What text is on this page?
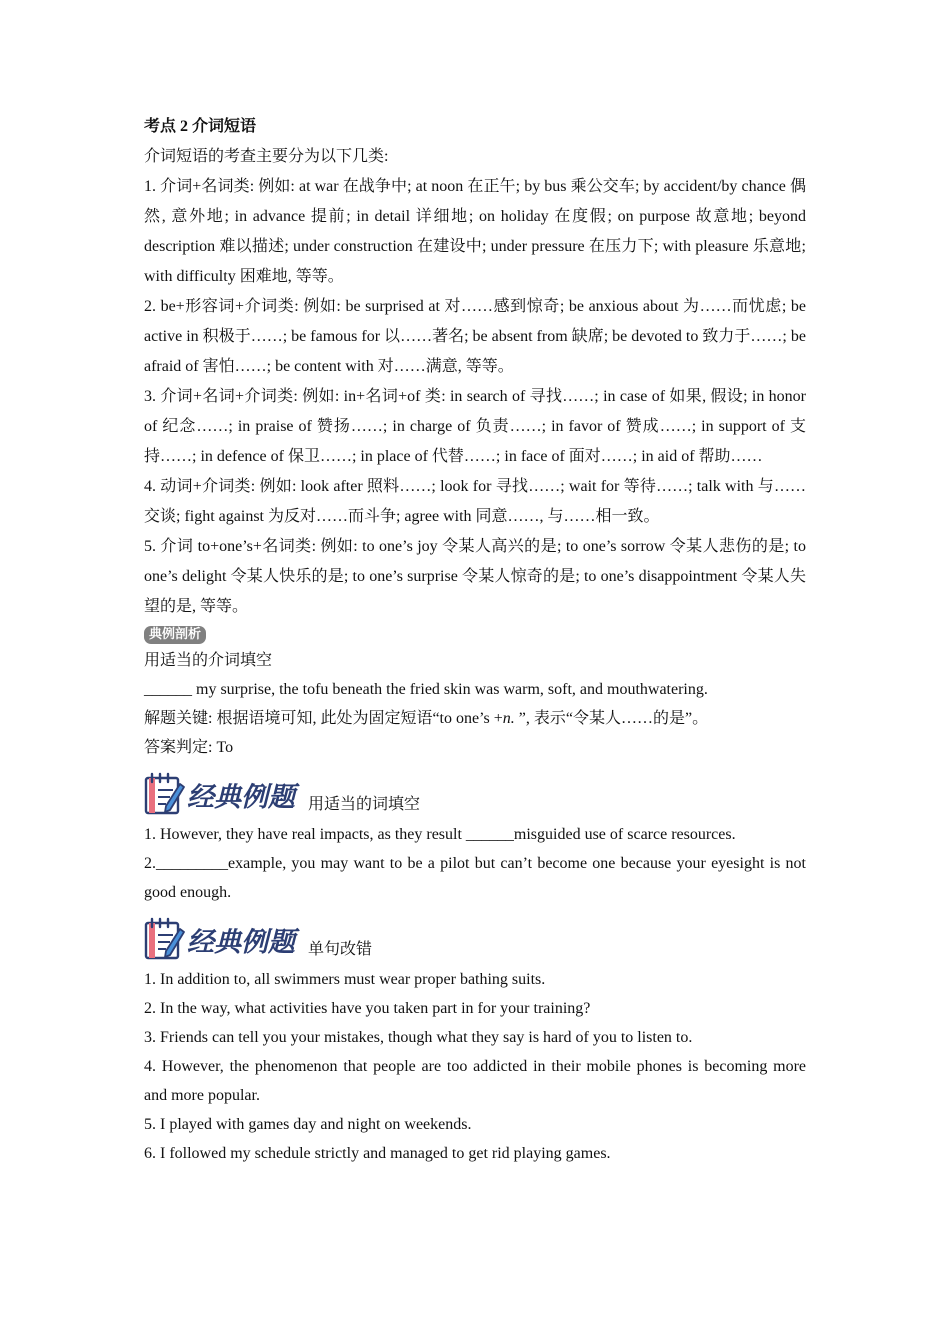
考点 2 介词短语
介词短语的考查主要分为以下几类:
1. 介词+名词类: 例如: at war 在战争中; at noon 在正午; by bus 乘公交车; by accident/by chance 偶然, 意外地; in advance 提前; in detail 详细地; on holiday 在度假; on purpose 故意地; beyond description 难以描述; under construction 在建设中; under pressure 在压力下; with pleasure 乐意地; with difficulty 困难地, 等等。
2. be+形容词+介词类: 例如: be surprised at 对……感到惊奇; be anxious about 为……而忧虑; be active in 积极于……; be famous for 以……著名; be absent from 缺席; be devoted to 致力于……; be afraid of 害怕……; be content with 对……满意, 等等。
3. 介词+名词+介词类: 例如: in+名词+of 类: in search of 寻找……; in case of 如果, 假设; in honor of 纪念……; in praise of 赞扬……; in charge of 负责……; in favor of 赞成……; in support of 支持……; in defence of 保卫……; in place of 代替……; in face of 面对……; in aid of 帮助……
4. 动词+介词类: 例如: look after 照料……; look for 寻找……; wait for 等待……; talk with 与……交谈; fight against 为反对……而斗争; agree with 同意……, 与……相一致。
5. 介词 to+one’s+名词类: 例如: to one’s joy 令某人高兴的是; to one’s sorrow 令某人悲伤的是; to one’s delight 令某人快乐的是; to one’s surprise 令某人惊奇的是; to one’s disappointment 令某人失望的是, 等等。
典例剖析
用适当的介词填空
______ my surprise, the tofu beneath the fried skin was warm, soft, and mouthwatering.
解题关键: 根据语境可知, 此处为固定短语“to one’s +n. ”, 表示“令某人……的是”。
答案判定: To
经典例题 用适当的词填空
1. However, they have real impacts, as they result ______misguided use of scarce resources.
2._________example, you may want to be a pilot but can’t become one because your eyesight is not good enough.
经典例题 单句改错
1. In addition to, all swimmers must wear proper bathing suits.
2. In the way, what activities have you taken part in for your training?
3. Friends can tell you your mistakes, though what they say is hard of you to listen to.
4. However, the phenomenon that people are too addicted in their mobile phones is becoming more and more popular.
5. I played with games day and night on weekends.
6. I followed my schedule strictly and managed to get rid playing games.
